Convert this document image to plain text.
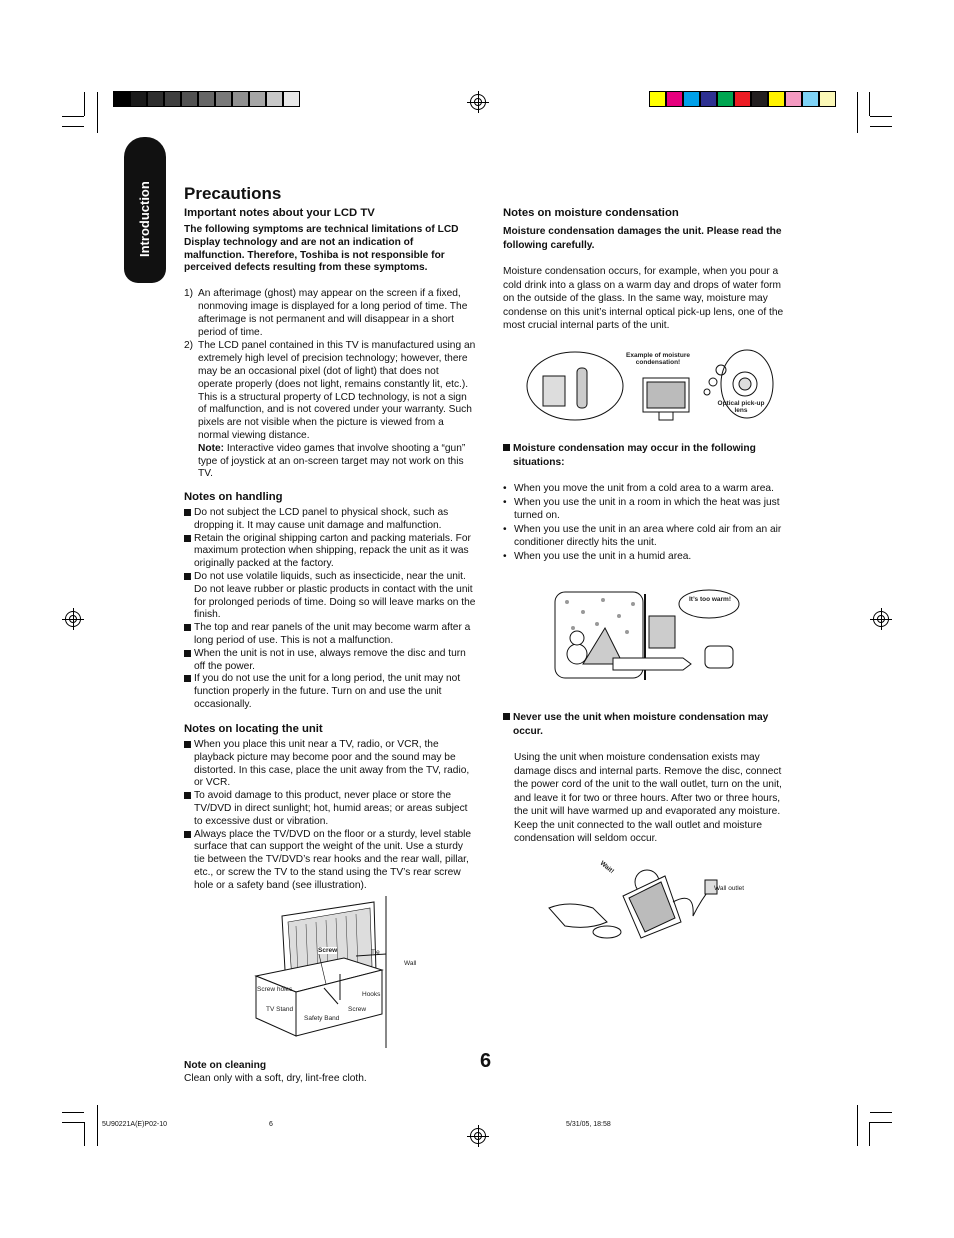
Introduction	Precautions
Important notes about your LCD TV

The following symptoms are technical limitations of LCD Display technology and are not an indication of malfunction. Therefore, Toshiba is not responsible for perceived defects resulting from these symptoms.

1) An afterimage (ghost) may appear on the screen if a fixed, nonmoving image is displayed for a long period of time. The afterimage is not permanent and will disappear in a short period of time.
2) The LCD panel contained in this TV is manufactured using an extremely high level of precision technology; however, there may be an occasional pixel (dot of light) that does not operate properly (does not light, remains constantly lit, etc.). This is a structural property of LCD technology, is not a sign of malfunction, and is not covered under your warranty. Such pixels are not visible when the picture is viewed from a normal viewing distance.
Note: Interactive video games that involve shooting a “gun” type of joystick at an on-screen target may not work on this TV.
Notes on handling
Do not subject the LCD panel to physical shock, such as dropping it. It may cause unit damage and malfunction.
Retain the original shipping carton and packing materials. For maximum protection when shipping, repack the unit as it was originally packed at the factory.
Do not use volatile liquids, such as insecticide, near the unit. Do not leave rubber or plastic products in contact with the unit for prolonged periods of time. Doing so will leave marks on the finish.
The top and rear panels of the unit may become warm after a long period of use. This is not a malfunction.
When the unit is not in use, always remove the disc and turn off the power.
If you do not use the unit for a long period, the unit may not function properly in the future. Turn on and use the unit occasionally.
Notes on locating the unit
When you place this unit near a TV, radio, or VCR, the playback picture may become poor and the sound may be distorted. In this case, place the unit away from the TV, radio, or VCR.
To avoid damage to this product, never place or store the TV/DVD in direct sunlight; hot, humid areas; or areas subject to excessive dust or vibration.
Always place the TV/DVD on the floor or a sturdy, level stable surface that can support the weight of the unit. Use a sturdy tie between the TV/DVD’s rear hooks and the rear wall, pillar, etc., or screw the TV to the stand using the TV’s rear screw hole or a safety band (see illustration).
Screw	Tie
Wall
Screw holes
Hooks
TV Stand	Screw
Safety Band

Note on cleaning

Clean only with a soft, dry, lint-free cloth.

6
Notes on moisture condensation

Moisture condensation damages the unit. Please read the following carefully.

Moisture condensation occurs, for example, when you pour a cold drink into a glass on a warm day and drops of water form on the outside of the glass. In the same way, moisture may condense on this unit’s internal optical pick-up lens, one of the most crucial internal parts of the unit.

Example of moisture condensation!
Optical pick-up lens

Moisture condensation may occur in the following situations:

• When you move the unit from a cold area to a warm area.
• When you use the unit in a room in which the heat was just turned on.
• When you use the unit in an area where cold air from an air conditioner directly hits the unit.
• When you use the unit in a humid area.
It’s too warm!

Never use the unit when moisture condensation may occur.

Using the unit when moisture condensation exists may damage discs and internal parts. Remove the disc, connect the power cord of the unit to the wall outlet, turn on the unit, and leave it for two or three hours. After two or three hours, the unit will have warmed up and evaporated any moisture. Keep the unit connected to the wall outlet and moisture condensation will seldom occur.

Wait!
Wall outlet
5U90221A(E)P02-10	6	5/31/05, 18:58
